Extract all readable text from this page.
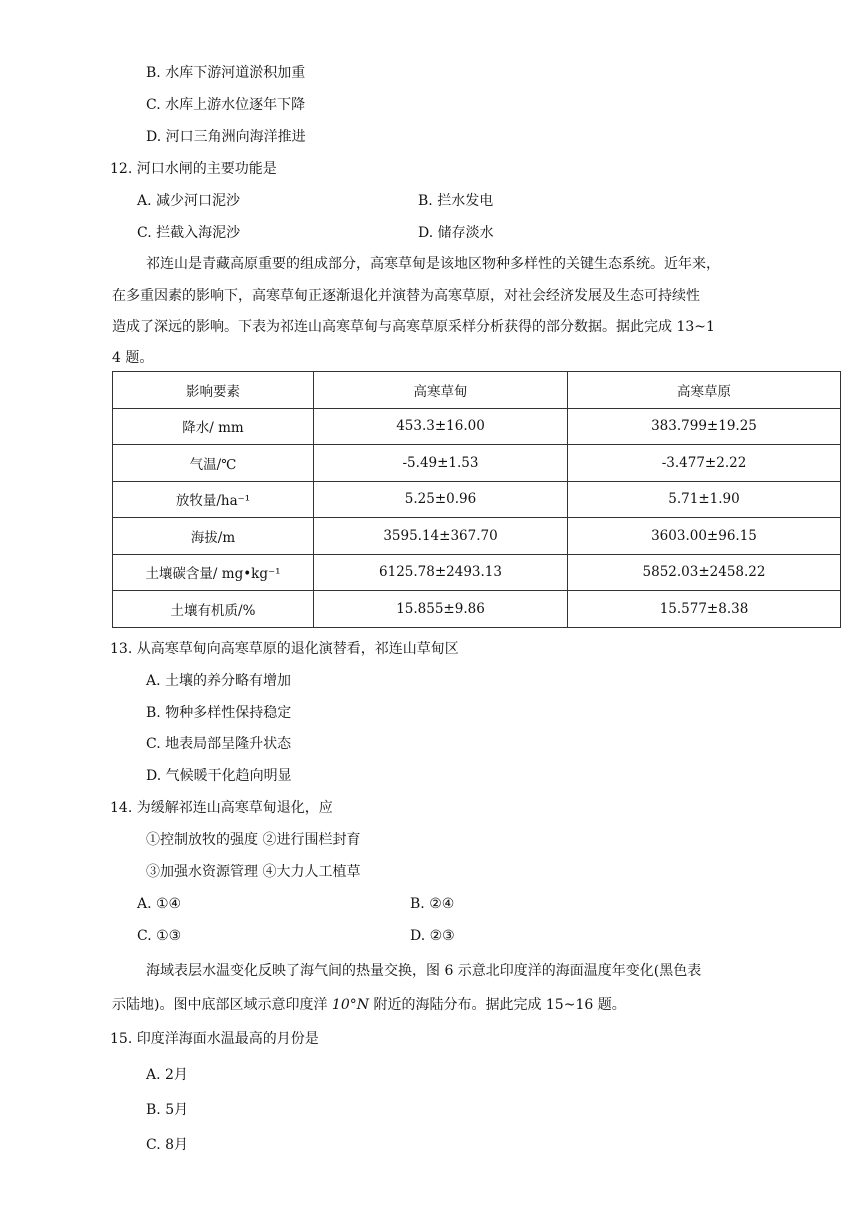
B. 水库下游河道淤积加重
C. 水库上游水位逐年下降
D. 河口三角洲向海洋推进
12. 河口水闸的主要功能是
A. 减少河口泥沙	B. 拦水发电
C. 拦截入海泥沙	D. 储存淡水
祁连山是青藏高原重要的组成部分，高寒草甸是该地区物种多样性的关键生态系统。近年来，
在多重因素的影响下，高寒草甸正逐渐退化并演替为高寒草原，对社会经济发展及生态可持续性
造成了深远的影响。下表为祁连山高寒草甸与高寒草原采样分析获得的部分数据。据此完成 13~1
4 题。
影响要素	高寒草甸	高寒草原
降水/ mm	453.3±16.00	383.799±19.25
气温/℃	-5.49±1.53	-3.477±2.22
放牧量/ha⁻¹	5.25±0.96	5.71±1.90
海拔/m	3595.14±367.70	3603.00±96.15
土壤碳含量/ mg•kg⁻¹	6125.78±2493.13	5852.03±2458.22
土壤有机质/%	15.855±9.86	15.577±8.38
13. 从高寒草甸向高寒草原的退化演替看，祁连山草甸区
A. 土壤的养分略有增加
B. 物种多样性保持稳定
C. 地表局部呈隆升状态
D. 气候暖干化趋向明显
14. 为缓解祁连山高寒草甸退化，应
①控制放牧的强度 ②进行围栏封育
③加强水资源管理 ④大力人工植草
A. ①④	B. ②④
C. ①③	D. ②③
海域表层水温变化反映了海气间的热量交换，图 6 示意北印度洋的海面温度年变化(黑色表
示陆地)。图中底部区域示意印度洋 10°N 附近的海陆分布。据此完成 15~16 题。
15. 印度洋海面水温最高的月份是
A. 2月
B. 5月
C. 8月
